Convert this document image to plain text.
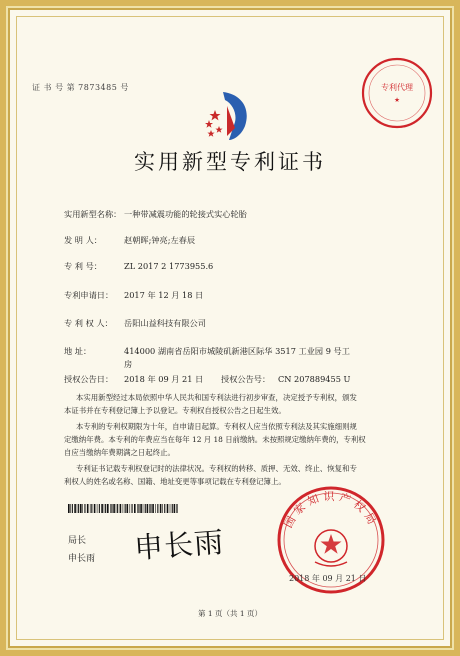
专利代理
★
证 书 号 第 7873485 号
实用新型专利证书
实用新型名称： 一种带减震功能的轮接式实心轮胎
发 明 人：	赵朝晖;钟亮;左春辰
专 利 号：	ZL 2017 2 1773955.6
专利申请日： 2017 年 12 月 18 日
专 利 权 人： 岳阳山益科技有限公司
地 址：	414000 湖南省岳阳市城陵矶新港区际华 3517 工业园 9 号工
房
授权公告日： 2018 年 09 月 21 日 授权公告号： CN 207889455 U
本实用新型经过本局依照中华人民共和国专利法进行初步审查，决定授予专利权，颁发
本证书并在专利登记簿上予以登记。专利权自授权公告之日起生效。
本专利的专利权期限为十年，自申请日起算。专利权人应当依照专利法及其实施细则规
定缴纳年费。本专利的年费应当在每年 12 月 18 日前缴纳。未按照规定缴纳年费的，专利权
自应当缴纳年费期满之日起终止。
专利证书记载专利权登记时的法律状况。专利权的转移、质押、无效、终止、恢复和专
利权人的姓名或名称、国籍、地址变更等事项记载在专利登记簿上。
局长
申长雨 申长雨
国家知识产权局
2018 年 09 月 21 日
第 1 页（共 1 页）
